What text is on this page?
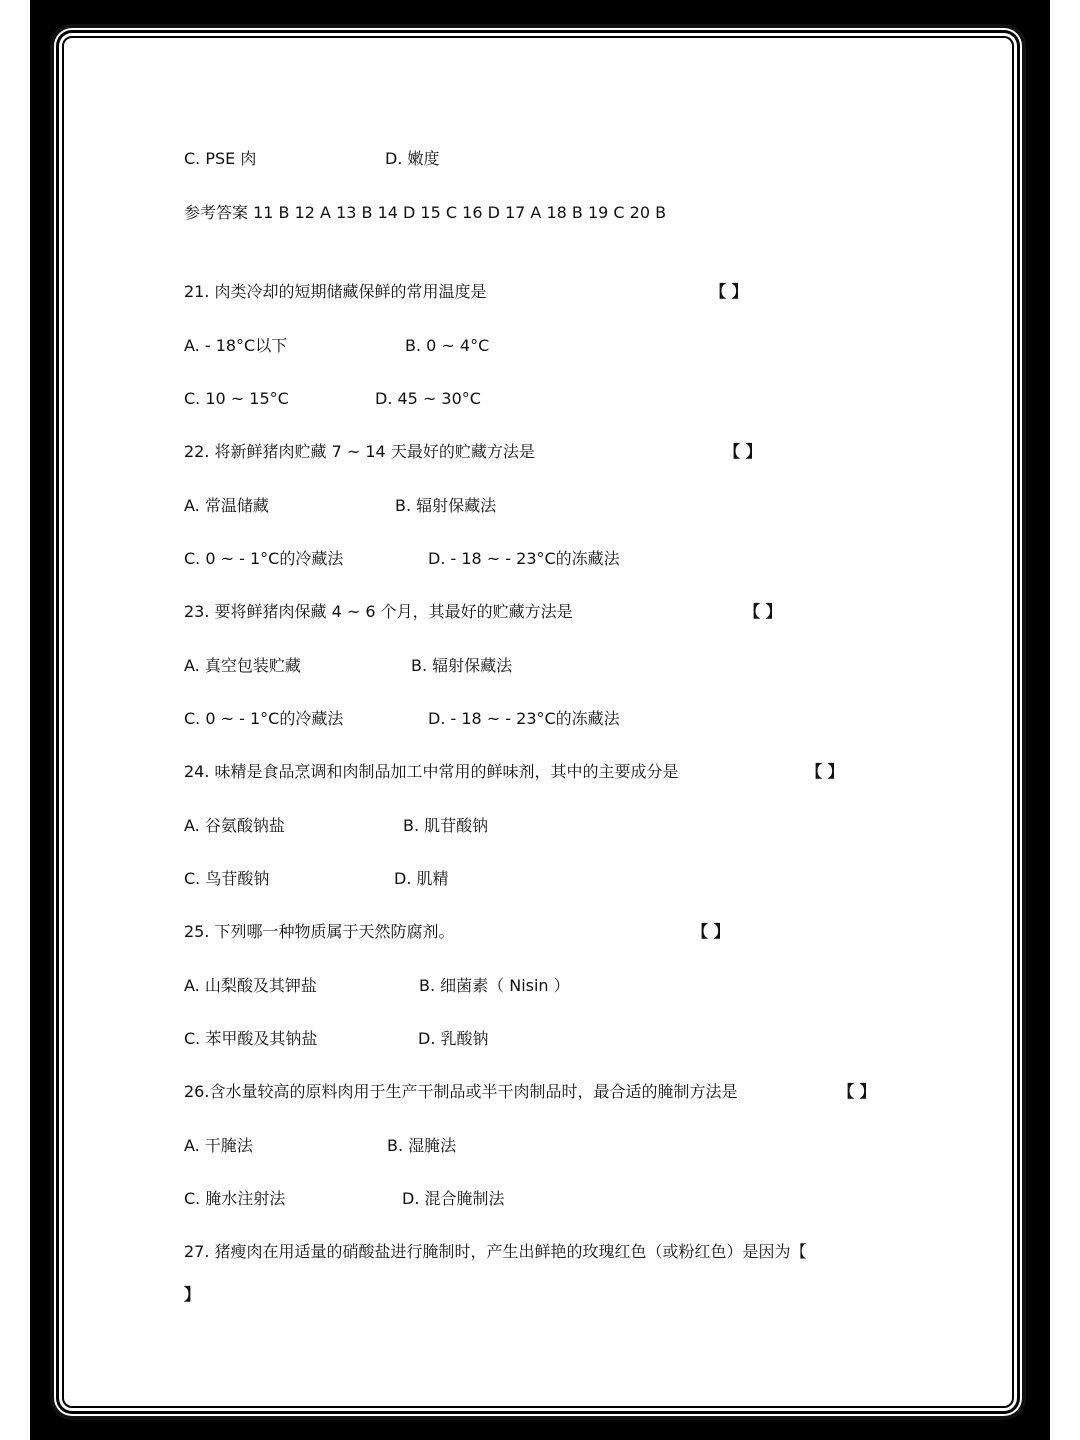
C. PSE 肉	D. 嫩度
参考答案 11 B 12 A 13 B 14 D 15 C 16 D 17 A 18 B 19 C 20 B
21. 肉类冷却的短期储藏保鲜的常用温度是	【 】
A. - 18°C以下	B. 0 ~ 4°C
C. 10 ~ 15°C	D. 45 ~ 30°C
22. 将新鲜猪肉贮藏 7 ~ 14 天最好的贮藏方法是	【 】
A. 常温储藏	B. 辐射保藏法
C. 0 ~ - 1°C的冷藏法	D. - 18 ~ - 23°C的冻藏法
23. 要将鲜猪肉保藏 4 ~ 6 个月，其最好的贮藏方法是	【 】
A. 真空包装贮藏	B. 辐射保藏法
C. 0 ~ - 1°C的冷藏法	D. - 18 ~ - 23°C的冻藏法
24. 味精是食品烹调和肉制品加工中常用的鲜味剂，其中的主要成分是	【 】
A. 谷氨酸钠盐	B. 肌苷酸钠
C. 鸟苷酸钠	D. 肌精
25. 下列哪一种物质属于天然防腐剂。	【 】
A. 山梨酸及其钾盐	B. 细菌素（ Nisin ）
C. 苯甲酸及其钠盐	D. 乳酸钠
26.含水量较高的原料肉用于生产干制品或半干肉制品时，最合适的腌制方法是	【 】
A. 干腌法	B. 湿腌法
C. 腌水注射法	D. 混合腌制法
27. 猪瘦肉在用适量的硝酸盐进行腌制时，产生出鲜艳的玫瑰红色（或粉红色）是因为【
】
